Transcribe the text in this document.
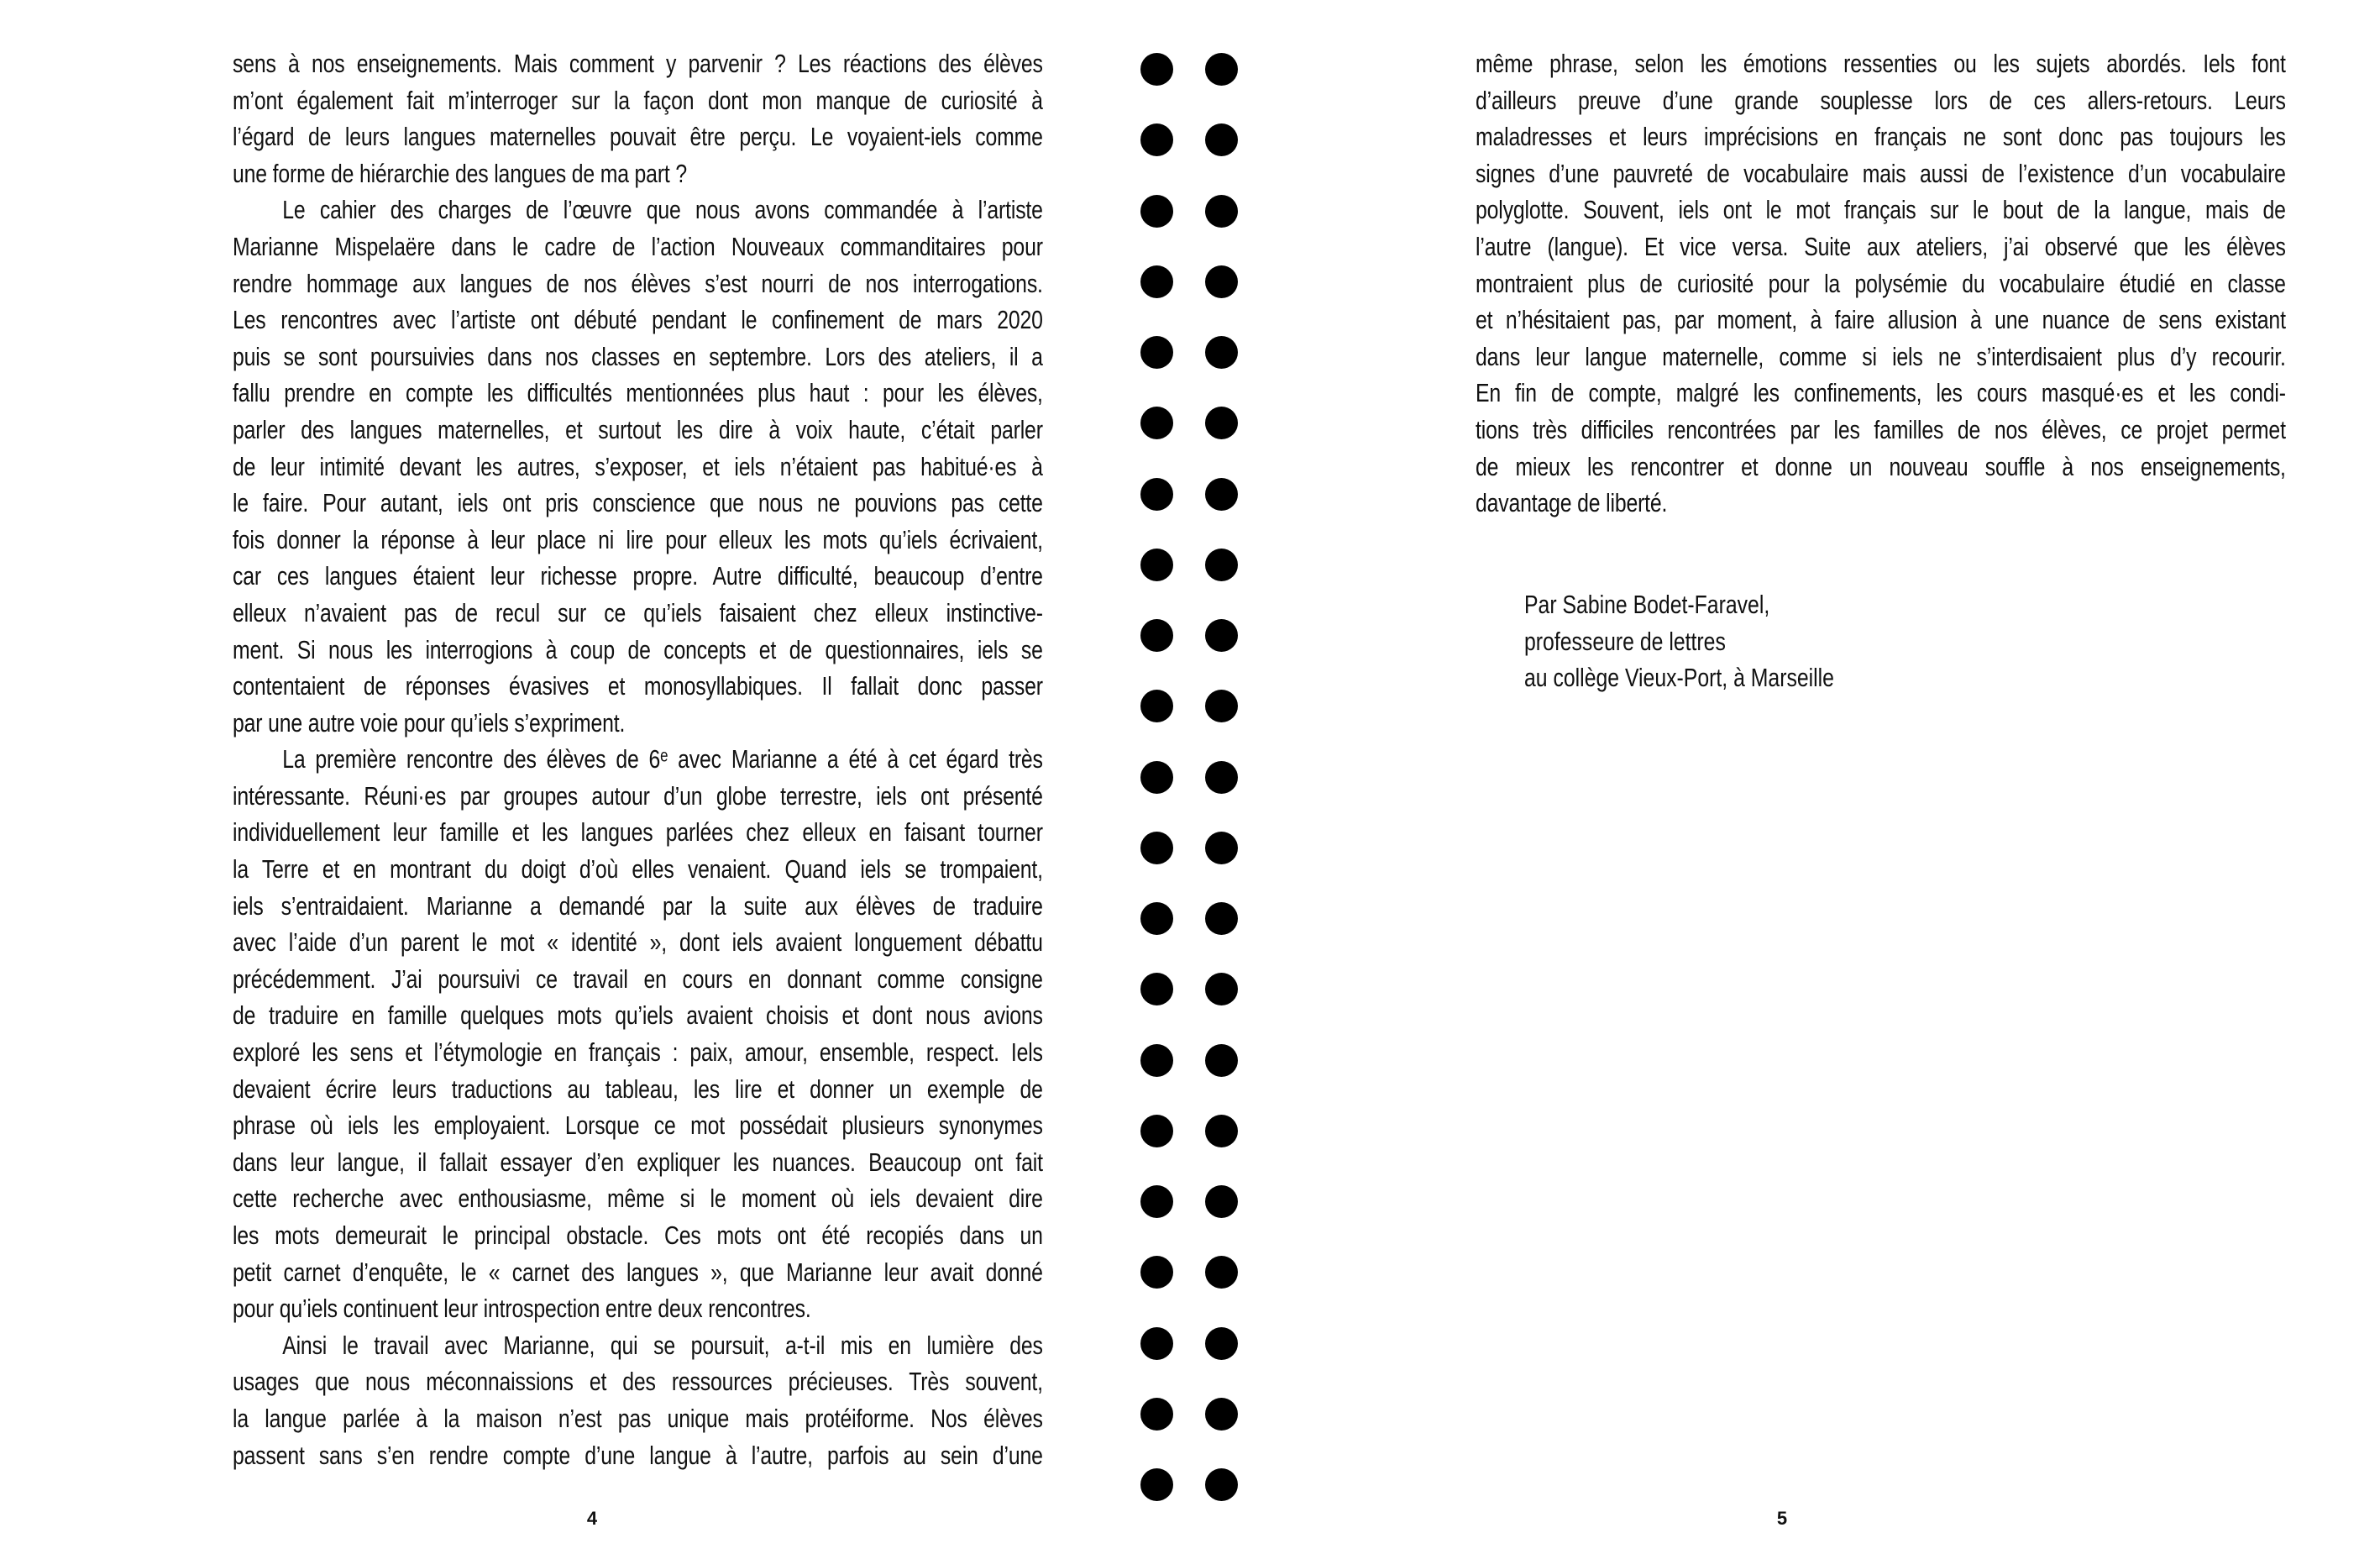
sens à nos enseignements. Mais comment y parvenir ? Les réactions des élèves
m’ont également fait m’interroger sur la façon dont mon manque de curiosité à
l’égard de leurs langues maternelles pouvait être perçu. Le voyaient-iels comme
une forme de hiérarchie des langues de ma part ?
Le cahier des charges de l’œuvre que nous avons commandée à l’artiste
Marianne Mispelaëre dans le cadre de l’action Nouveaux commanditaires pour
rendre hommage aux langues de nos élèves s’est nourri de nos interrogations.
Les rencontres avec l’artiste ont débuté pendant le confinement de mars 2020
puis se sont poursuivies dans nos classes en septembre. Lors des ateliers, il a
fallu prendre en compte les difficultés mentionnées plus haut : pour les élèves,
parler des langues maternelles, et surtout les dire à voix haute, c’était parler
de leur intimité devant les autres, s’exposer, et iels n’étaient pas habitué·es à
le faire. Pour autant, iels ont pris conscience que nous ne pouvions pas cette
fois donner la réponse à leur place ni lire pour elleux les mots qu’iels écrivaient,
car ces langues étaient leur richesse propre. Autre difficulté, beaucoup d’entre
elleux n’avaient pas de recul sur ce qu’iels faisaient chez elleux instinctive-
ment. Si nous les interrogions à coup de concepts et de questionnaires, iels se
contentaient de réponses évasives et monosyllabiques. Il fallait donc passer
par une autre voie pour qu’iels s’expriment.
La première rencontre des élèves de 6ᵉ avec Marianne a été à cet égard très
intéressante. Réuni·es par groupes autour d’un globe terrestre, iels ont présenté
individuellement leur famille et les langues parlées chez elleux en faisant tourner
la Terre et en montrant du doigt d’où elles venaient. Quand iels se trompaient,
iels s’entraidaient. Marianne a demandé par la suite aux élèves de traduire
avec l’aide d’un parent le mot « identité », dont iels avaient longuement débattu
précédemment. J’ai poursuivi ce travail en cours en donnant comme consigne
de traduire en famille quelques mots qu’iels avaient choisis et dont nous avions
exploré les sens et l’étymologie en français : paix, amour, ensemble, respect. Iels
devaient écrire leurs traductions au tableau, les lire et donner un exemple de
phrase où iels les employaient. Lorsque ce mot possédait plusieurs synonymes
dans leur langue, il fallait essayer d’en expliquer les nuances. Beaucoup ont fait
cette recherche avec enthousiasme, même si le moment où iels devaient dire
les mots demeurait le principal obstacle. Ces mots ont été recopiés dans un
petit carnet d’enquête, le « carnet des langues », que Marianne leur avait donné
pour qu’iels continuent leur introspection entre deux rencontres.
Ainsi le travail avec Marianne, qui se poursuit, a-t-il mis en lumière des
usages que nous méconnaissions et des ressources précieuses. Très souvent,
la langue parlée à la maison n’est pas unique mais protéiforme. Nos élèves
passent sans s’en rendre compte d’une langue à l’autre, parfois au sein d’une
4
même phrase, selon les émotions ressenties ou les sujets abordés. Iels font
d’ailleurs preuve d’une grande souplesse lors de ces allers-retours. Leurs
maladresses et leurs imprécisions en français ne sont donc pas toujours les
signes d’une pauvreté de vocabulaire mais aussi de l’existence d’un vocabulaire
polyglotte. Souvent, iels ont le mot français sur le bout de la langue, mais de
l’autre (langue). Et vice versa. Suite aux ateliers, j’ai observé que les élèves
montraient plus de curiosité pour la polysémie du vocabulaire étudié en classe
et n’hésitaient pas, par moment, à faire allusion à une nuance de sens existant
dans leur langue maternelle, comme si iels ne s’interdisaient plus d’y recourir.
En fin de compte, malgré les confinements, les cours masqué·es et les condi-
tions très difficiles rencontrées par les familles de nos élèves, ce projet permet
de mieux les rencontrer et donne un nouveau souffle à nos enseignements,
davantage de liberté.
Par Sabine Bodet-Faravel,
professeure de lettres
au collège Vieux-Port, à Marseille
5
